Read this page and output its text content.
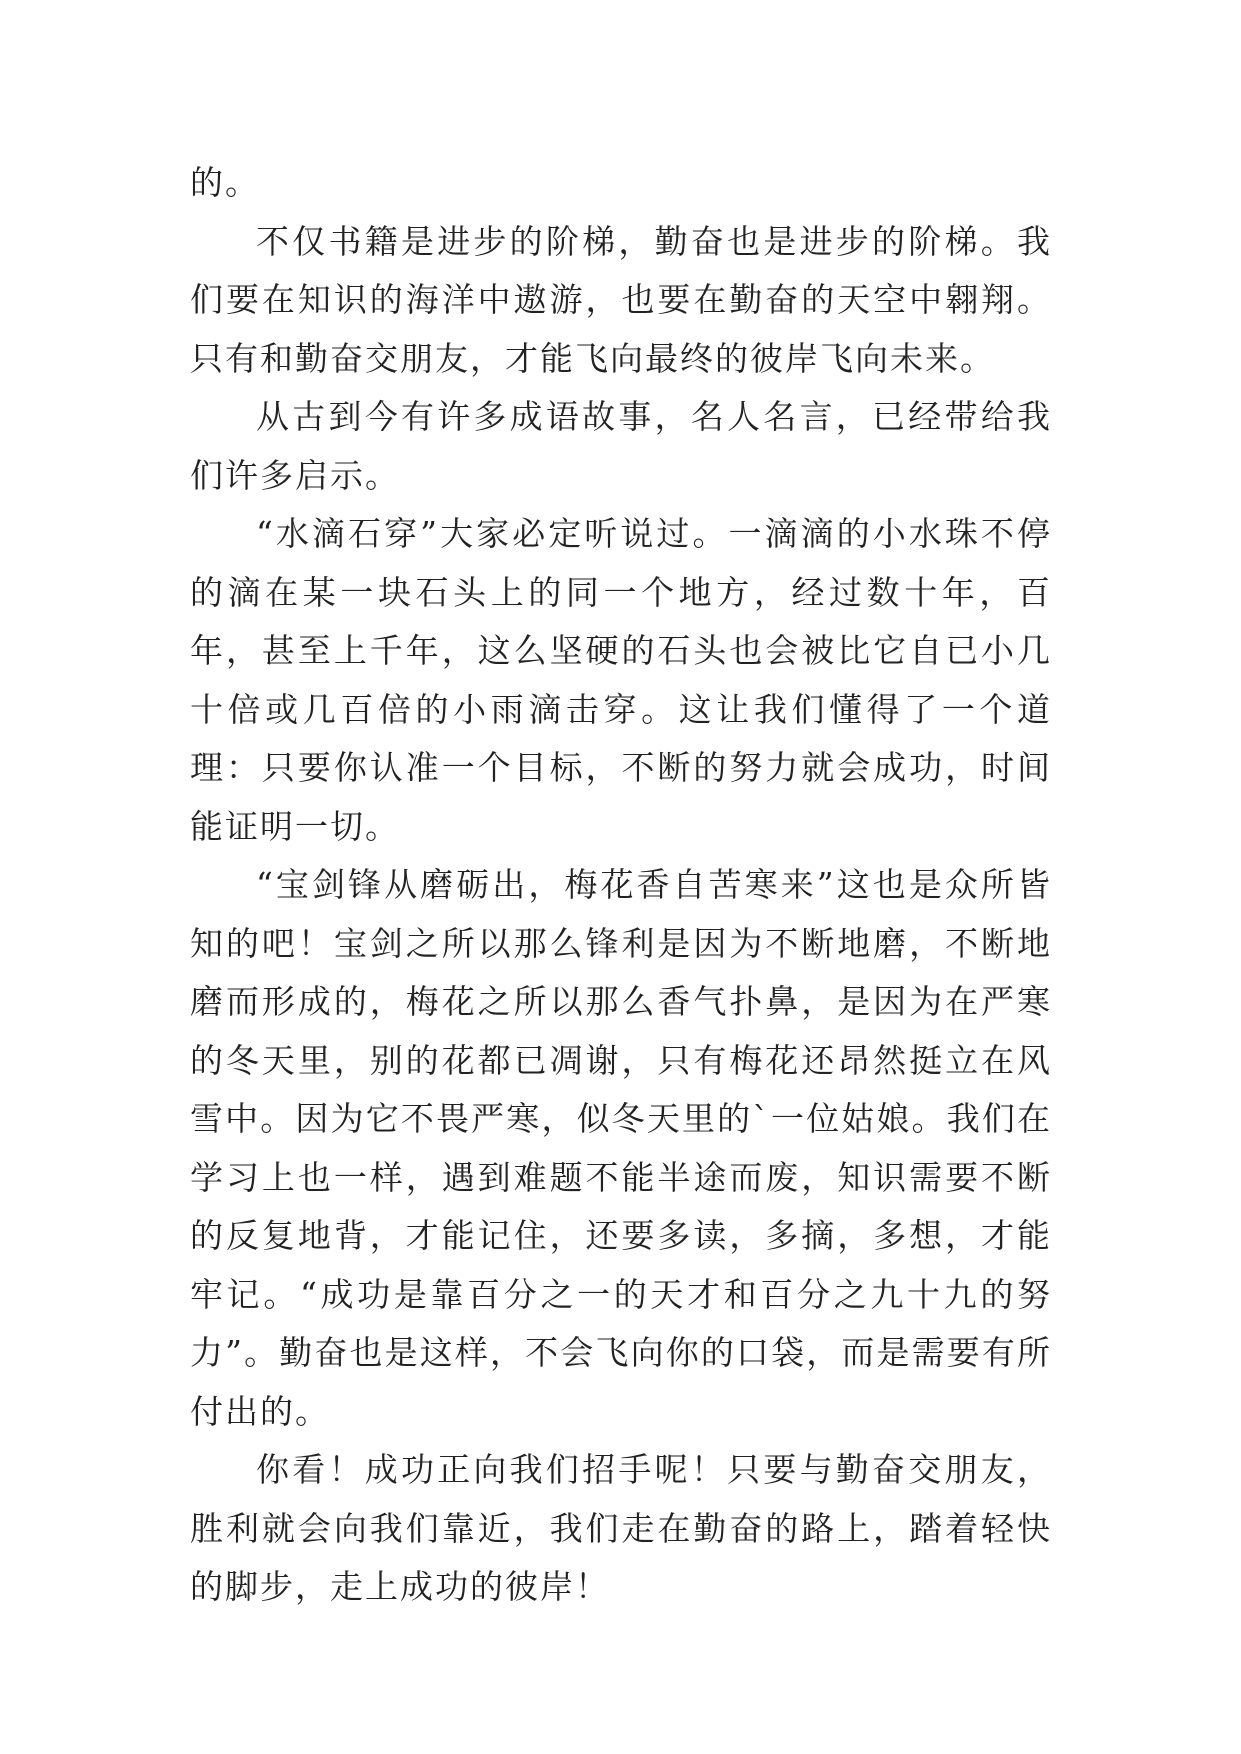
的。

不仅书籍是进步的阶梯，勤奋也是进步的阶梯。我们要在知识的海洋中遨游，也要在勤奋的天空中翱翔。只有和勤奋交朋友，才能飞向最终的彼岸飞向未来。

从古到今有许多成语故事，名人名言，已经带给我们许多启示。

“水滴石穿”大家必定听说过。一滴滴的小水珠不停的滴在某一块石头上的同一个地方，经过数十年，百年，甚至上千年，这么坚硬的石头也会被比它自已小几十倍或几百倍的小雨滴击穿。这让我们懂得了一个道理：只要你认准一个目标，不断的努力就会成功，时间能证明一切。

“宝剑锋从磨砺出，梅花香自苦寒来”这也是众所皆知的吧！宝剑之所以那么锋利是因为不断地磨，不断地磨而形成的，梅花之所以那么香气扑鼻，是因为在严寒的冬天里，别的花都已凋谢，只有梅花还昂然挺立在风雪中。因为它不畏严寒，似冬天里的`一位姑娘。我们在学习上也一样，遇到难题不能半途而废，知识需要不断的反复地背，才能记住，还要多读，多摘，多想，才能牢记。“成功是靠百分之一的天才和百分之九十九的努力”。勤奋也是这样，不会飞向你的口袋，而是需要有所付出的。

你看！成功正向我们招手呢！只要与勤奋交朋友，胜利就会向我们靠近，我们走在勤奋的路上，踏着轻快的脚步，走上成功的彼岸！
